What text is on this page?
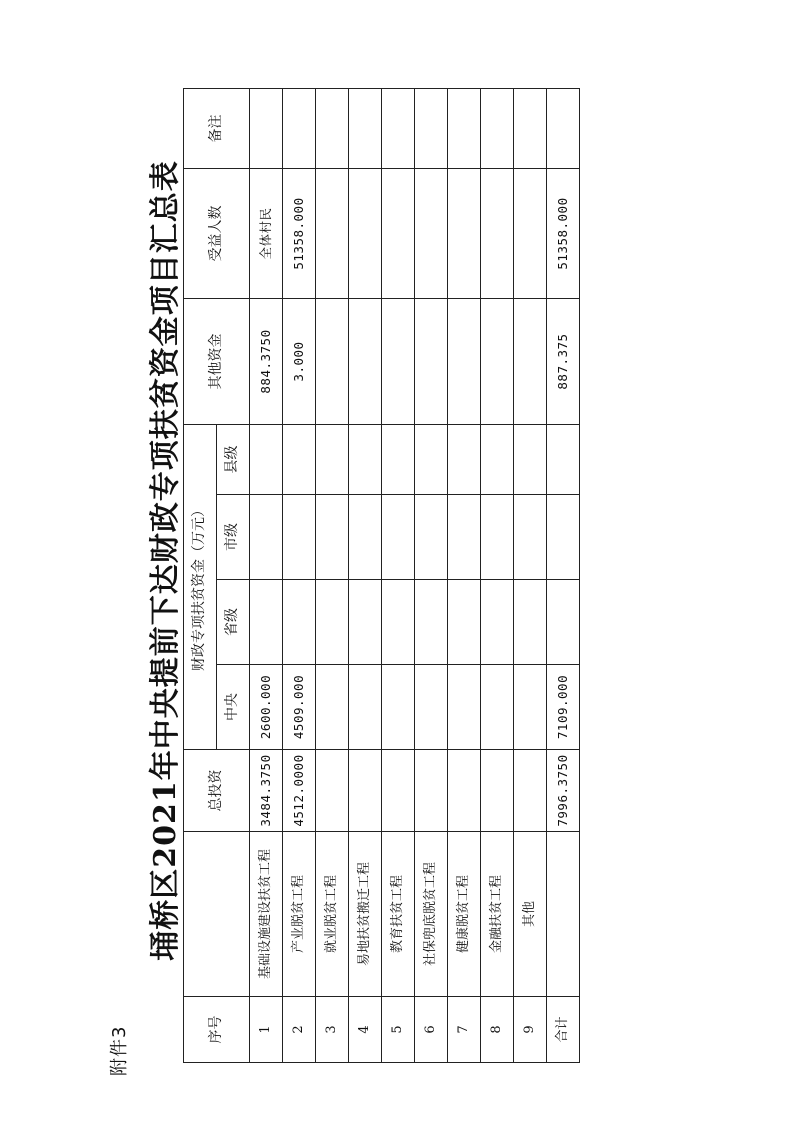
附件3
埇桥区2021年中央提前下达财政专项扶贫资金项目汇总表
序号		总投资	财政专项扶贫资金（万元）				其他资金	受益人数	备注
			中央	省级	市级	县级			
1	基础设施建设扶贫工程	3484.3750	2600.000				884.3750	全体村民	
2	产业脱贫工程	4512.0000	4509.000				3.000	51358.000	
3	就业脱贫工程								
4	易地扶贫搬迁工程								
5	教育扶贫工程								
6	社保兜底脱贫工程								
7	健康脱贫工程								
8	金融扶贫工程								
9	其他								
合计		7996.3750	7109.000				887.375	51358.000	
